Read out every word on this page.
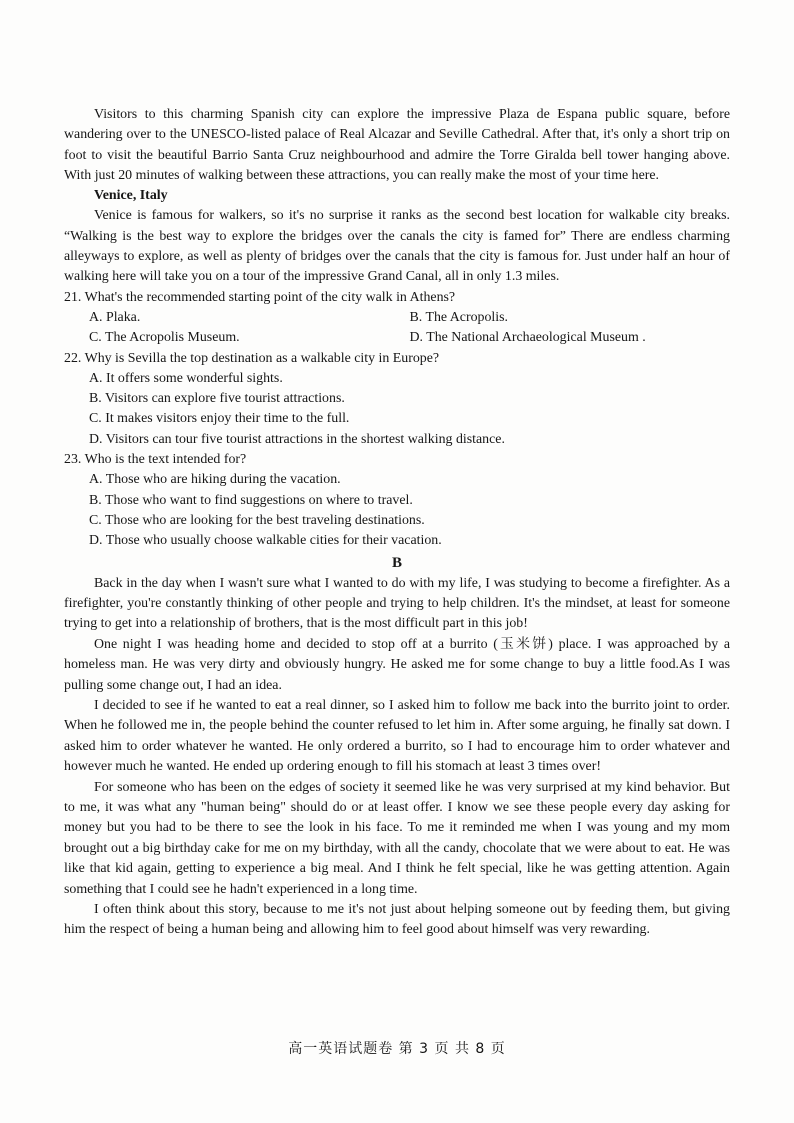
Visitors to this charming Spanish city can explore the impressive Plaza de Espana public square, before wandering over to the UNESCO-listed palace of Real Alcazar and Seville Cathedral. After that, it's only a short trip on foot to visit the beautiful Barrio Santa Cruz neighbourhood and admire the Torre Giralda bell tower hanging above. With just 20 minutes of walking between these attractions, you can really make the most of your time here.

Venice, Italy

Venice is famous for walkers, so it's no surprise it ranks as the second best location for walkable city breaks. “Walking is the best way to explore the bridges over the canals the city is famed for” There are endless charming alleyways to explore, as well as plenty of bridges over the canals that the city is famous for. Just under half an hour of walking here will take you on a tour of the impressive Grand Canal, all in only 1.3 miles.

21. What's the recommended starting point of the city walk in Athens?
A. Plaka.	B. The Acropolis.
C. The Acropolis Museum.	D. The National Archaeological Museum .
22. Why is Sevilla the top destination as a walkable city in Europe?
A. It offers some wonderful sights.
B. Visitors can explore five tourist attractions.
C. It makes visitors enjoy their time to the full.
D. Visitors can tour five tourist attractions in the shortest walking distance.
23. Who is the text intended for?
A. Those who are hiking during the vacation.
B. Those who want to find suggestions on where to travel.
C. Those who are looking for the best traveling destinations.
D. Those who usually choose walkable cities for their vacation.
B

Back in the day when I wasn't sure what I wanted to do with my life, I was studying to become a firefighter. As a firefighter, you're constantly thinking of other people and trying to help children. It's the mindset, at least for someone trying to get into a relationship of brothers, that is the most difficult part in this job!

One night I was heading home and decided to stop off at a burrito (玉米饼) place. I was approached by a homeless man. He was very dirty and obviously hungry. He asked me for some change to buy a little food.As I was pulling some change out, I had an idea.

I decided to see if he wanted to eat a real dinner, so I asked him to follow me back into the burrito joint to order. When he followed me in, the people behind the counter refused to let him in. After some arguing, he finally sat down. I asked him to order whatever he wanted. He only ordered a burrito, so I had to encourage him to order whatever and however much he wanted. He ended up ordering enough to fill his stomach at least 3 times over!

For someone who has been on the edges of society it seemed like he was very surprised at my kind behavior. But to me, it was what any "human being" should do or at least offer. I know we see these people every day asking for money but you had to be there to see the look in his face. To me it reminded me when I was young and my mom brought out a big birthday cake for me on my birthday, with all the candy, chocolate that we were about to eat. He was like that kid again, getting to experience a big meal. And I think he felt special, like he was getting attention. Again something that I could see he hadn't experienced in a long time.

I often think about this story, because to me it's not just about helping someone out by feeding them, but giving him the respect of being a human being and allowing him to feel good about himself was very rewarding.

高一英语试题卷 第 3 页 共 8 页
